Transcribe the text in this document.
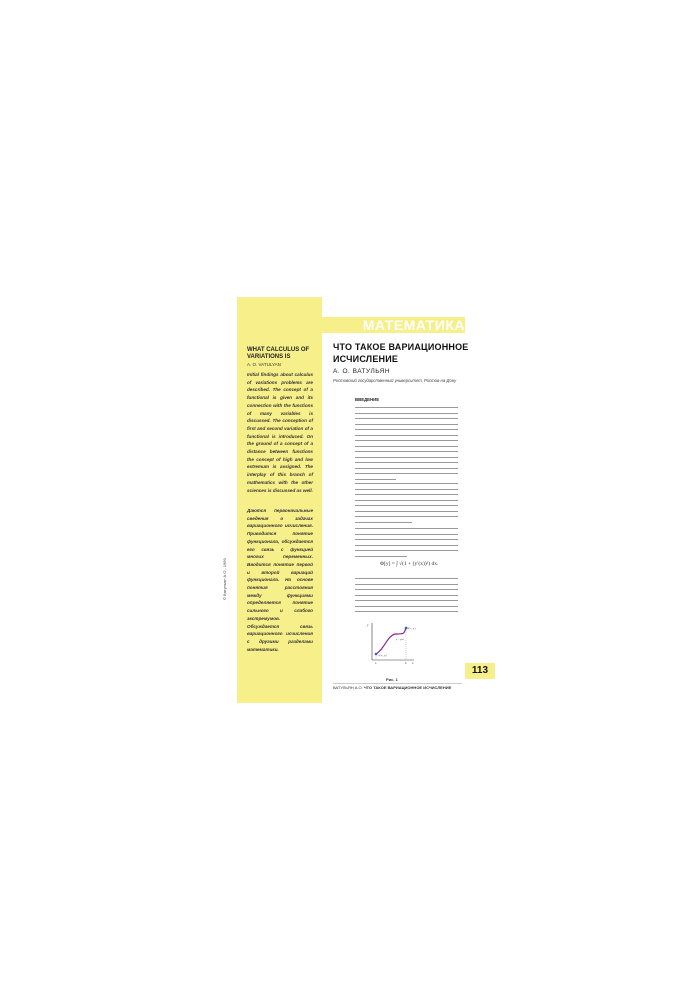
МАТЕМАТИКА
© Ватульян А.О., 1999
WHAT CALCULUS OF VARIATIONS IS
A. O. VATULYAN
Initial findings about calculus of variations problems are described. The concept of a functional is given and its connection with the functions of many variables is discussed. The conception of first and second variation of a functional is introduced. On the ground of a concept of a distance between functions the concept of high and low extremum is assigned. The interplay of this branch of mathematics with the other sciences is discussed as well.
Даются первоначальные сведения о задачах вариационного исчисления. Приводится понятие функционала, обсуждается его связь с функцией многих переменных. Вводится понятие первой и второй вариаций функционала. На основе понятия расстояния между функциями определяется понятие сильного и слабого экстремумов. Обсуждается связь вариационного исчисления с другими разделами математики.
ЧТО ТАКОЕ ВАРИАЦИОННОЕ ИСЧИСЛЕНИЕ
А. О. ВАТУЛЬЯН
Ростовский государственный университет, Ростов-на-Дону
ВВЕДЕНИЕ
Φ[y] = ∫ √(1 + (y′(x))²) dx.
y
x
a	b
A(x₀, y₀)
B(x₁, y₁)
y = y(x)
Рис. 1
ВАТУЛЬЯН А.О. ЧТО ТАКОЕ ВАРИАЦИОННОЕ ИСЧИСЛЕНИЕ
113
